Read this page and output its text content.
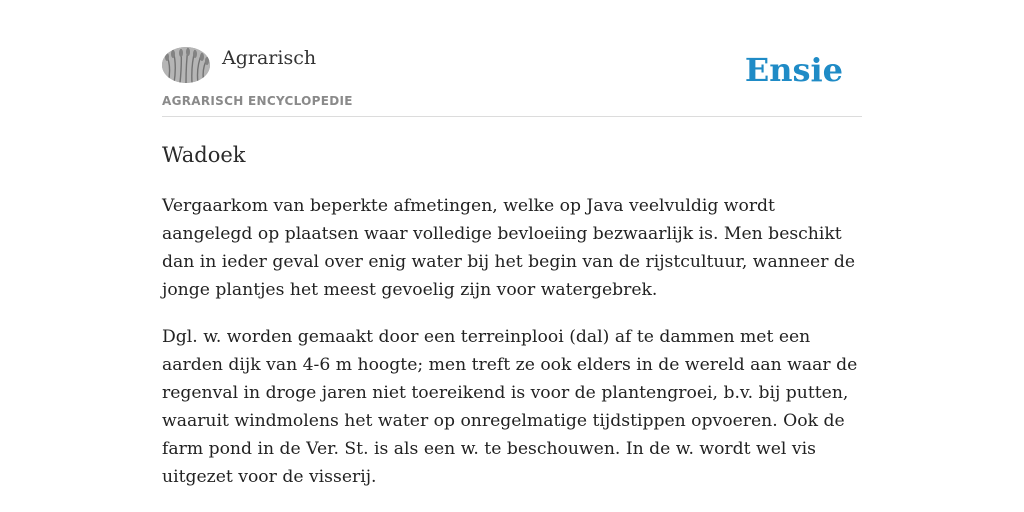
Agrarisch
AGRARISCH ENCYCLOPEDIE
Ensie
Wadoek

Vergaarkom van beperkte afmetingen, welke op Java veelvuldig wordt aangelegd op plaatsen waar volledige bevloeiing bezwaarlijk is. Men beschikt dan in ieder geval over enig water bij het begin van de rijstcultuur, wanneer de jonge plantjes het meest gevoelig zijn voor watergebrek.

Dgl. w. worden gemaakt door een terreinplooi (dal) af te dammen met een aarden dijk van 4-6 m hoogte; men treft ze ook elders in de wereld aan waar de regenval in droge jaren niet toereikend is voor de plantengroei, b.v. bij putten, waaruit windmolens het water op onregelmatige tijdstippen opvoeren. Ook de farm pond in de Ver. St. is als een w. te beschouwen. In de w. wordt wel vis uitgezet voor de visserij.
